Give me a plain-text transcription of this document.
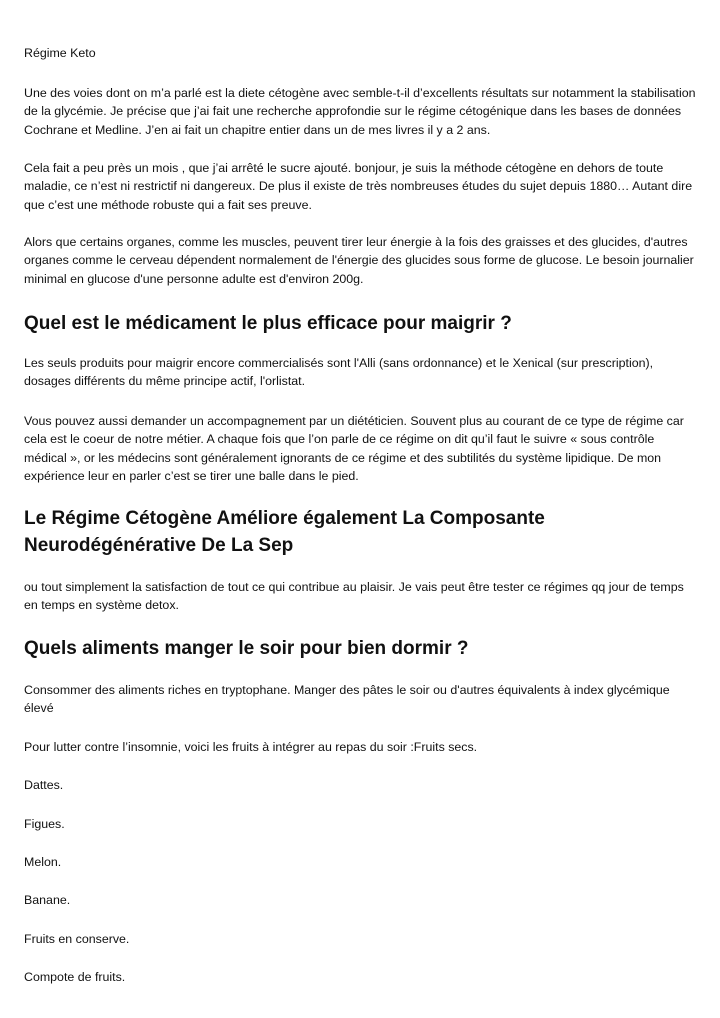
Régime Keto

Une des voies dont on m’a parlé est la diete cétogène avec semble-t-il d’excellents résultats sur notamment la stabilisation de la glycémie. Je précise que j’ai fait une recherche approfondie sur le régime cétogénique dans les bases de données Cochrane et Medline. J’en ai fait un chapitre entier dans un de mes livres il y a 2 ans.

Cela fait a peu près un mois , que j’ai arrêté le sucre ajouté. bonjour, je suis la méthode cétogène en dehors de toute maladie, ce n’est ni restrictif ni dangereux. De plus il existe de très nombreuses études du sujet depuis 1880… Autant dire que c’est une méthode robuste qui a fait ses preuve.

Alors que certains organes, comme les muscles, peuvent tirer leur énergie à la fois des graisses et des glucides, d'autres organes comme le cerveau dépendent normalement de l'énergie des glucides sous forme de glucose. Le besoin journalier minimal en glucose d'une personne adulte est d'environ 200g.

Quel est le médicament le plus efficace pour maigrir ?

Les seuls produits pour maigrir encore commercialisés sont l'Alli (sans ordonnance) et le Xenical (sur prescription), dosages différents du même principe actif, l'orlistat.

Vous pouvez aussi demander un accompagnement par un diététicien. Souvent plus au courant de ce type de régime car cela est le coeur de notre métier. A chaque fois que l’on parle de ce régime on dit qu’il faut le suivre « sous contrôle médical », or les médecins sont généralement ignorants de ce régime et des subtilités du système lipidique. De mon expérience leur en parler c’est se tirer une balle dans le pied.

Le Régime Cétogène Améliore également La Composante Neurodégénérative De La Sep

ou tout simplement la satisfaction de tout ce qui contribue au plaisir. Je vais peut être tester ce régimes qq jour de temps en temps en système detox.

Quels aliments manger le soir pour bien dormir ?

Consommer des aliments riches en tryptophane. Manger des pâtes le soir ou d'autres équivalents à index glycémique élevé

Pour lutter contre l’insomnie, voici les fruits à intégrer au repas du soir :Fruits secs.

Dattes.

Figues.

Melon.

Banane.

Fruits en conserve.

Compote de fruits.
